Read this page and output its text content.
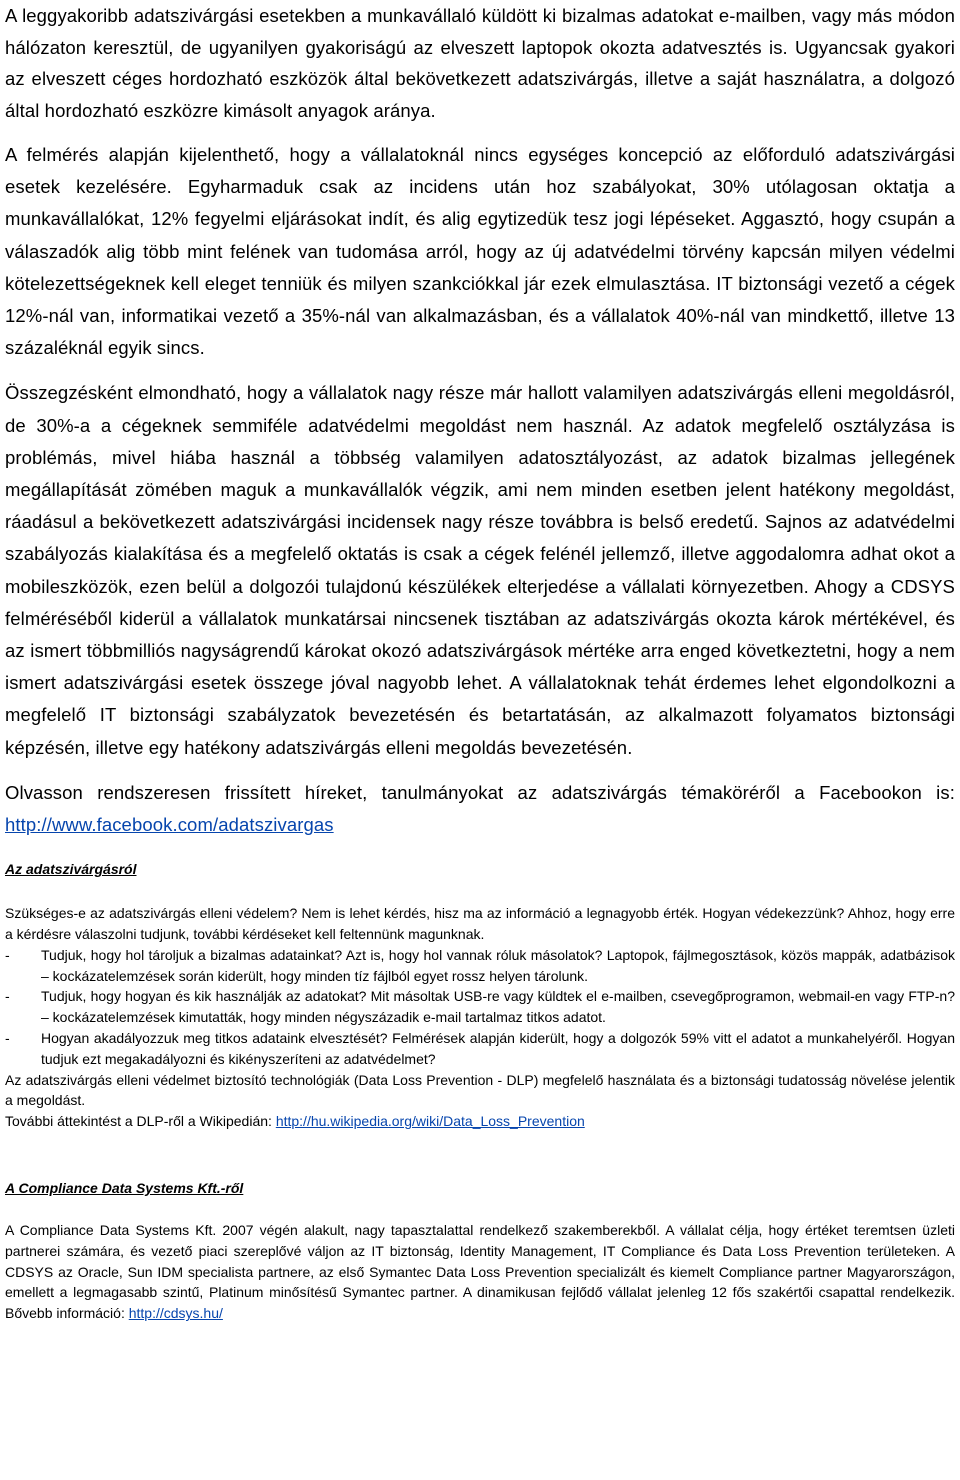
A leggyakoribb adatszivárgási esetekben a munkavállaló küldött ki bizalmas adatokat e-mailben, vagy más módon hálózaton keresztül, de ugyanilyen gyakoriságú az elveszett laptopok okozta adatvesztés is. Ugyancsak gyakori az elveszett céges hordozható eszközök által bekövetkezett adatszivárgás, illetve a saját használatra, a dolgozó által hordozható eszközre kimásolt anyagok aránya.

A felmérés alapján kijelenthető, hogy a vállalatoknál nincs egységes koncepció az előforduló adatszivárgási esetek kezelésére. Egyharmaduk csak az incidens után hoz szabályokat, 30% utólagosan oktatja a munkavállalókat, 12% fegyelmi eljárásokat indít, és alig egytizedük tesz jogi lépéseket. Aggasztó, hogy csupán a válaszadók alig több mint felének van tudomása arról, hogy az új adatvédelmi törvény kapcsán milyen védelmi kötelezettségeknek kell eleget tenniük és milyen szankciókkal jár ezek elmulasztása. IT biztonsági vezető a cégek 12%-nál van, informatikai vezető a 35%-nál van alkalmazásban, és a vállalatok 40%-nál van mindkettő, illetve 13 százaléknál egyik sincs.

Összegzésként elmondható, hogy a vállalatok nagy része már hallott valamilyen adatszivárgás elleni megoldásról, de 30%-a a cégeknek semmiféle adatvédelmi megoldást nem használ. Az adatok megfelelő osztályzása is problémás, mivel hiába használ a többség valamilyen adatosztályozást, az adatok bizalmas jellegének megállapítását zömében maguk a munkavállalók végzik, ami nem minden esetben jelent hatékony megoldást, ráadásul a bekövetkezett adatszivárgási incidensek nagy része továbbra is belső eredetű. Sajnos az adatvédelmi szabályozás kialakítása és a megfelelő oktatás is csak a cégek felénél jellemző, illetve aggodalomra adhat okot a mobileszközök, ezen belül a dolgozói tulajdonú készülékek elterjedése a vállalati környezetben. Ahogy a CDSYS felméréséből kiderül a vállalatok munkatársai nincsenek tisztában az adatszivárgás okozta károk mértékével, és az ismert többmilliós nagyságrendű károkat okozó adatszivárgások mértéke arra enged következtetni, hogy a nem ismert adatszivárgási esetek összege jóval nagyobb lehet. A vállalatoknak tehát érdemes lehet elgondolkozni a megfelelő IT biztonsági szabályzatok bevezetésén és betartatásán, az alkalmazott folyamatos biztonsági képzésén, illetve egy hatékony adatszivárgás elleni megoldás bevezetésén.

Olvasson rendszeresen frissített híreket, tanulmányokat az adatszivárgás témaköréről a Facebookon is: http://www.facebook.com/adatszivargas

Az adatszivárgásról

Szükséges-e az adatszivárgás elleni védelem? Nem is lehet kérdés, hisz ma az információ a legnagyobb érték. Hogyan védekezzünk? Ahhoz, hogy erre a kérdésre válaszolni tudjunk, további kérdéseket kell feltennünk magunknak.

- Tudjuk, hogy hol tároljuk a bizalmas adatainkat? Azt is, hogy hol vannak róluk másolatok? Laptopok, fájlmegosztások, közös mappák, adatbázisok – kockázatelemzések során kiderült, hogy minden tíz fájlból egyet rossz helyen tárolunk.
- Tudjuk, hogy hogyan és kik használják az adatokat? Mit másoltak USB-re vagy küldtek el e-mailben, csevegőprogramon, webmail-en vagy FTP-n? – kockázatelemzések kimutatták, hogy minden négyszázadik e-mail tartalmaz titkos adatot.
- Hogyan akadályozzuk meg titkos adataink elvesztését? Felmérések alapján kiderült, hogy a dolgozók 59% vitt el adatot a munkahelyéről. Hogyan tudjuk ezt megakadályozni és kikényszeríteni az adatvédelmet?

Az adatszivárgás elleni védelmet biztosító technológiák (Data Loss Prevention - DLP) megfelelő használata és a biztonsági tudatosság növelése jelentik a megoldást.

További áttekintést a DLP-ről a Wikipedián: http://hu.wikipedia.org/wiki/Data_Loss_Prevention

A Compliance Data Systems Kft.-ről

A Compliance Data Systems Kft. 2007 végén alakult, nagy tapasztalattal rendelkező szakemberekből. A vállalat célja, hogy értéket teremtsen üzleti partnerei számára, és vezető piaci szereplővé váljon az IT biztonság, Identity Management, IT Compliance és Data Loss Prevention területeken. A CDSYS az Oracle, Sun IDM specialista partnere, az első Symantec Data Loss Prevention specializált és kiemelt Compliance partner Magyarországon, emellett a legmagasabb szintű, Platinum minősítésű Symantec partner. A dinamikusan fejlődő vállalat jelenleg 12 fős szakértői csapattal rendelkezik. Bővebb információ: http://cdsys.hu/
